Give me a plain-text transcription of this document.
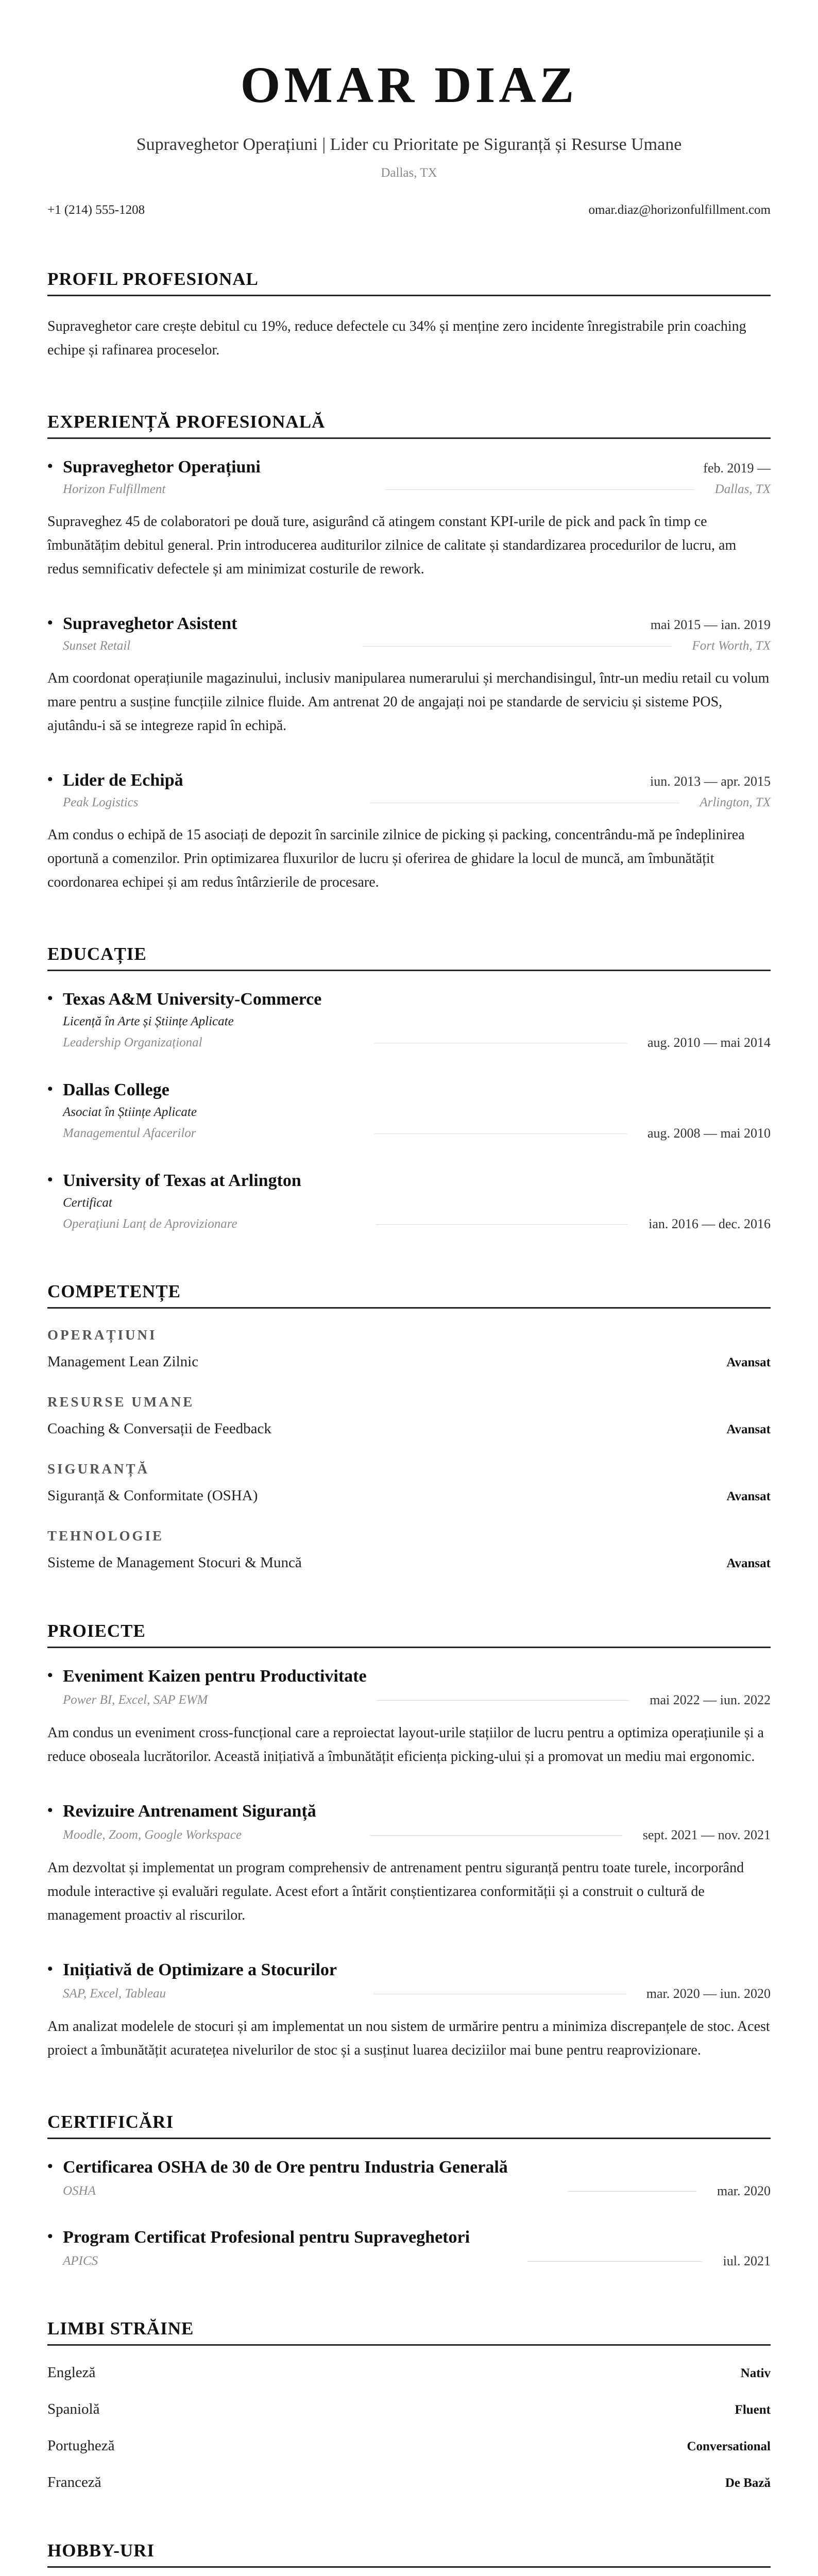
OMAR DIAZ
Supraveghetor Operațiuni | Lider cu Prioritate pe Siguranță și Resurse Umane
Dallas, TX
+1 (214) 555-1208	omar.diaz@horizonfulfillment.com
PROFIL PROFESIONAL
Supraveghetor care crește debitul cu 19%, reduce defectele cu 34% și menține zero incidente înregistrabile prin coaching echipe și rafinarea proceselor.
EXPERIENȚĂ PROFESIONALĂ
• Supraveghetor Operațiuni	feb. 2019 —
Horizon Fulfillment	Dallas, TX
Supraveghez 45 de colaboratori pe două ture, asigurând că atingem constant KPI-urile de pick and pack în timp ce îmbunătățim debitul general. Prin introducerea auditurilor zilnice de calitate și standardizarea procedurilor de lucru, am redus semnificativ defectele și am minimizat costurile de rework.
• Supraveghetor Asistent	mai 2015 — ian. 2019
Sunset Retail	Fort Worth, TX
Am coordonat operațiunile magazinului, inclusiv manipularea numerarului și merchandisingul, într-un mediu retail cu volum mare pentru a susține funcțiile zilnice fluide. Am antrenat 20 de angajați noi pe standarde de serviciu și sisteme POS, ajutându-i să se integreze rapid în echipă.
• Lider de Echipă	iun. 2013 — apr. 2015
Peak Logistics	Arlington, TX
Am condus o echipă de 15 asociați de depozit în sarcinile zilnice de picking și packing, concentrându-mă pe îndeplinirea oportună a comenzilor. Prin optimizarea fluxurilor de lucru și oferirea de ghidare la locul de muncă, am îmbunătățit coordonarea echipei și am redus întârzierile de procesare.
EDUCAȚIE
• Texas A&M University-Commerce
Licență în Arte și Științe Aplicate
Leadership Organizațional	aug. 2010 — mai 2014
• Dallas College
Asociat în Științe Aplicate
Managementul Afacerilor	aug. 2008 — mai 2010
• University of Texas at Arlington
Certificat
Operațiuni Lanț de Aprovizionare	ian. 2016 — dec. 2016
COMPETENȚE
OPERAȚIUNI
Management Lean Zilnic	Avansat
RESURSE UMANE
Coaching & Conversații de Feedback	Avansat
SIGURANȚĂ
Siguranță & Conformitate (OSHA)	Avansat
TEHNOLOGIE
Sisteme de Management Stocuri & Muncă	Avansat
PROIECTE
• Eveniment Kaizen pentru Productivitate
Power BI, Excel, SAP EWM	mai 2022 — iun. 2022
Am condus un eveniment cross-funcțional care a reproiectat layout-urile stațiilor de lucru pentru a optimiza operațiunile și a reduce oboseala lucrătorilor. Această inițiativă a îmbunătățit eficiența picking-ului și a promovat un mediu mai ergonomic.
• Revizuire Antrenament Siguranță
Moodle, Zoom, Google Workspace	sept. 2021 — nov. 2021
Am dezvoltat și implementat un program comprehensiv de antrenament pentru siguranță pentru toate turele, incorporând module interactive și evaluări regulate. Acest efort a întărit conștientizarea conformității și a construit o cultură de management proactiv al riscurilor.
• Inițiativă de Optimizare a Stocurilor
SAP, Excel, Tableau	mar. 2020 — iun. 2020
Am analizat modelele de stocuri și am implementat un nou sistem de urmărire pentru a minimiza discrepanțele de stoc. Acest proiect a îmbunătățit acuratețea nivelurilor de stoc și a susținut luarea deciziilor mai bune pentru reaprovizionare.
CERTIFICĂRI
• Certificarea OSHA de 30 de Ore pentru Industria Generală
OSHA	mar. 2020
• Program Certificat Profesional pentru Supraveghetori
APICS	iul. 2021
LIMBI STRĂINE
Engleză	Nativ
Spaniolă	Fluent
Portugheză	Conversational
Franceză	De Bază
HOBBY-URI
